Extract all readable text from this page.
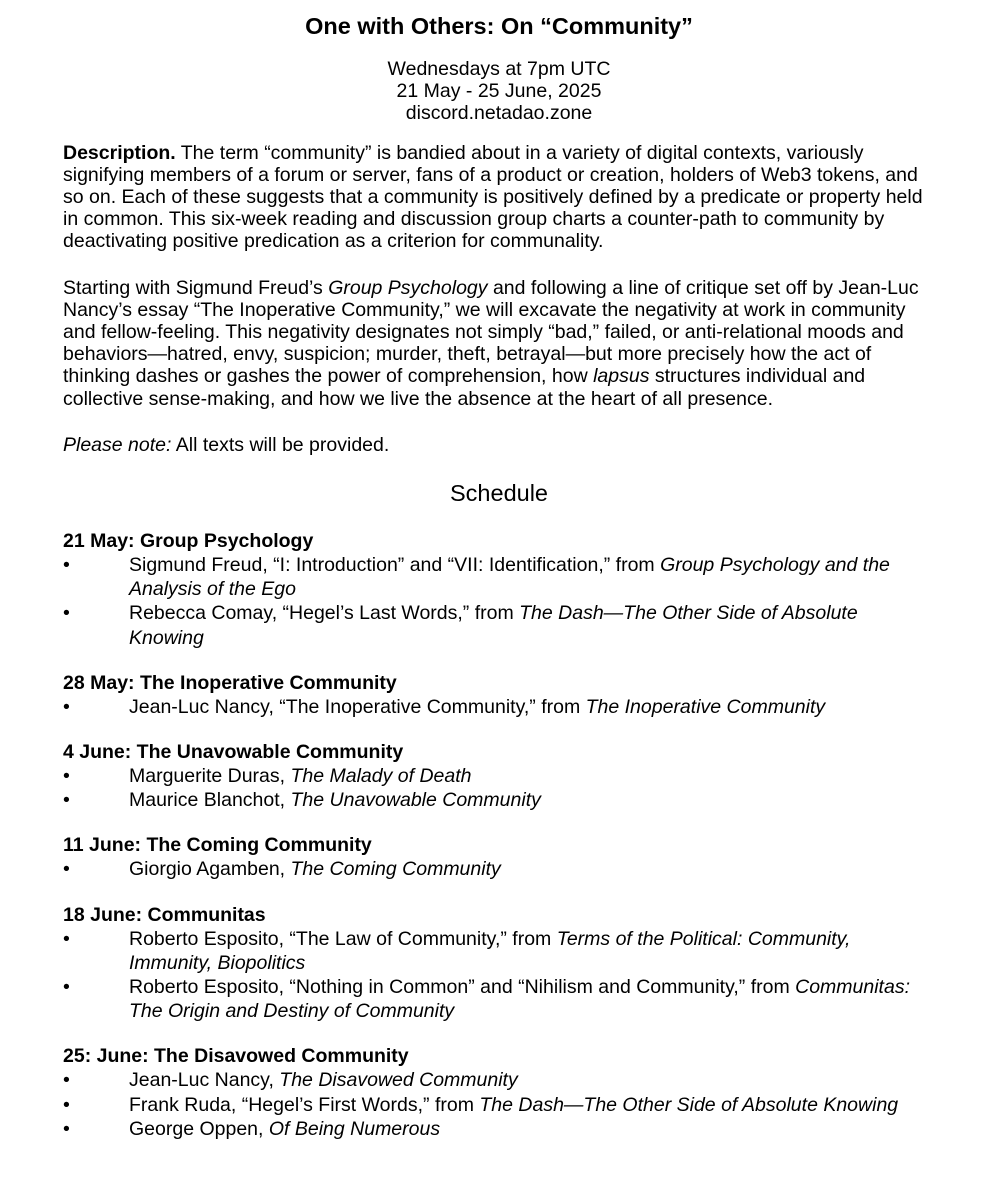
One with Others: On “Community”
Wednesdays at 7pm UTC
21 May - 25 June, 2025
discord.netadao.zone

Description. The term “community” is bandied about in a variety of digital contexts, variously signifying members of a forum or server, fans of a product or creation, holders of Web3 tokens, and so on. Each of these suggests that a community is positively defined by a predicate or property held in common. This six-week reading and discussion group charts a counter-path to community by deactivating positive predication as a criterion for communality.

Starting with Sigmund Freud’s Group Psychology and following a line of critique set off by Jean-Luc Nancy’s essay “The Inoperative Community,” we will excavate the negativity at work in community and fellow-feeling. This negativity designates not simply “bad,” failed, or anti-relational moods and behaviors—hatred, envy, suspicion; murder, theft, betrayal—but more precisely how the act of thinking dashes or gashes the power of comprehension, how lapsus structures individual and collective sense-making, and how we live the absence at the heart of all presence.

Please note: All texts will be provided.

Schedule
21 May: Group Psychology
•	Sigmund Freud, “I: Introduction” and “VII: Identification,” from Group Psychology and the Analysis of the Ego
•	Rebecca Comay, “Hegel’s Last Words,” from The Dash—The Other Side of Absolute Knowing
28 May: The Inoperative Community
•	Jean-Luc Nancy, “The Inoperative Community,” from The Inoperative Community
4 June: The Unavowable Community
•	Marguerite Duras, The Malady of Death
•	Maurice Blanchot, The Unavowable Community
11 June: The Coming Community
•	Giorgio Agamben, The Coming Community
18 June: Communitas
•	Roberto Esposito, “The Law of Community,” from Terms of the Political: Community, Immunity, Biopolitics
•	Roberto Esposito, “Nothing in Common” and “Nihilism and Community,” from Communitas: The Origin and Destiny of Community
25: June: The Disavowed Community
•	Jean-Luc Nancy, The Disavowed Community
•	Frank Ruda, “Hegel’s First Words,” from The Dash—The Other Side of Absolute Knowing
•	George Oppen, Of Being Numerous
